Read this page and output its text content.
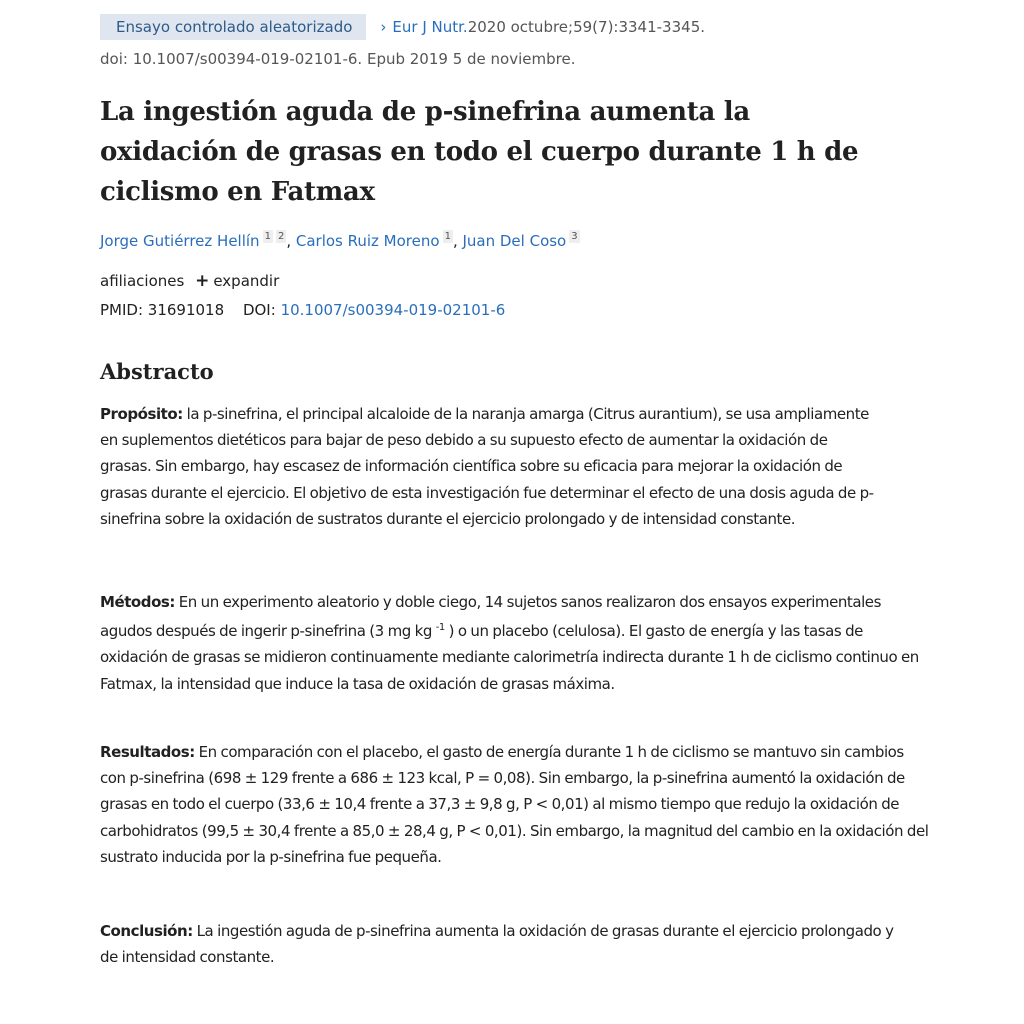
Ensayo controlado aleatorizado	› Eur J Nutr. 2020 octubre;59(7):3341-3345.
doi: 10.1007/s00394-019-02101-6. Epub 2019 5 de noviembre.
La ingestión aguda de p-sinefrina aumenta la oxidación de grasas en todo el cuerpo durante 1 h de ciclismo en Fatmax
Jorge Gutiérrez Hellín 1 2 , Carlos Ruiz Moreno 1 , Juan Del Coso 3
afiliaciones + expandir
PMID: 31691018 DOI: 10.1007/s00394-019-02101-6
Abstracto

Propósito: la p-sinefrina, el principal alcaloide de la naranja amarga (Citrus aurantium), se usa ampliamente en suplementos dietéticos para bajar de peso debido a su supuesto efecto de aumentar la oxidación de grasas. Sin embargo, hay escasez de información científica sobre su eficacia para mejorar la oxidación de grasas durante el ejercicio. El objetivo de esta investigación fue determinar el efecto de una dosis aguda de p-sinefrina sobre la oxidación de sustratos durante el ejercicio prolongado y de intensidad constante.

Métodos: En un experimento aleatorio y doble ciego, 14 sujetos sanos realizaron dos ensayos experimentales agudos después de ingerir p-sinefrina (3 mg kg $^{-1}$ ) o un placebo (celulosa). El gasto de energía y las tasas de oxidación de grasas se midieron continuamente mediante calorimetría indirecta durante 1 h de ciclismo continuo en Fatmax, la intensidad que induce la tasa de oxidación de grasas máxima.

Resultados: En comparación con el placebo, el gasto de energía durante 1 h de ciclismo se mantuvo sin cambios con p-sinefrina (698 ± 129 frente a 686 ± 123 kcal, P = 0,08). Sin embargo, la p-sinefrina aumentó la oxidación de grasas en todo el cuerpo (33,6 ± 10,4 frente a 37,3 ± 9,8 g, P < 0,01) al mismo tiempo que redujo la oxidación de carbohidratos (99,5 ± 30,4 frente a 85,0 ± 28,4 g, P < 0,01). Sin embargo, la magnitud del cambio en la oxidación del sustrato inducida por la p-sinefrina fue pequeña.

Conclusión: La ingestión aguda de p-sinefrina aumenta la oxidación de grasas durante el ejercicio prolongado y de intensidad constante.
